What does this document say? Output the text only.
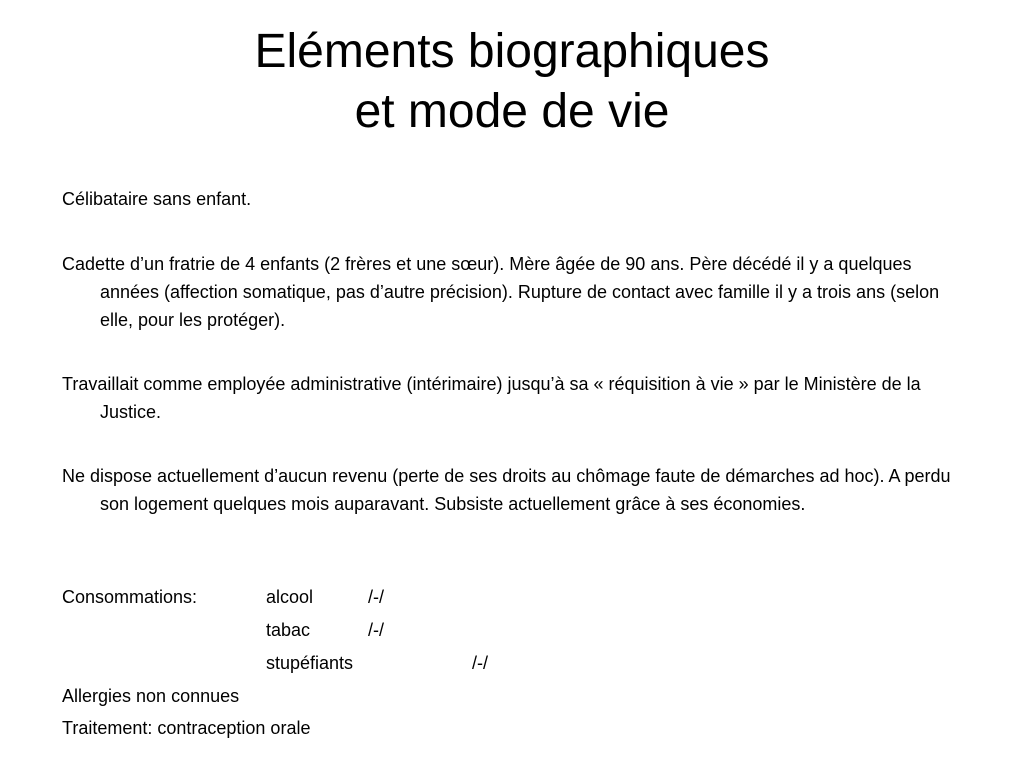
Eléments biographiques
et mode de vie

Célibataire sans enfant.

Cadette d’un fratrie de 4 enfants (2 frères et une sœur). Mère âgée de 90 ans. Père décédé il y a quelques années (affection somatique, pas d’autre précision). Rupture de contact avec famille il y a trois ans (selon elle, pour les protéger).

Travaillait comme employée administrative (intérimaire) jusqu’à sa « réquisition à vie » par le Ministère de la Justice.

Ne dispose actuellement d’aucun revenu (perte de ses droits au chômage faute de démarches ad hoc). A perdu son logement quelques mois auparavant. Subsiste actuellement grâce à ses économies.

Consommations:	alcool	/-/
tabac	/-/
stupéfiants	/-/

Allergies non connues

Traitement: contraception orale
